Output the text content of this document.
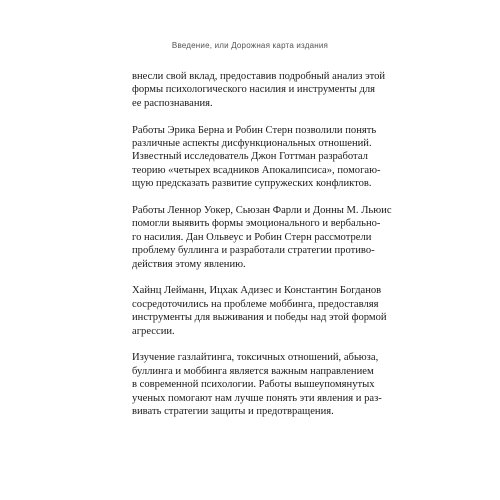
Введение, или Дорожная карта издания

внесли свой вклад, предоставив подробный анализ этой
формы психологического насилия и инструменты для
ее распознавания.

Работы Эрика Берна и Робин Стерн позволили понять
различные аспекты дисфункциональных отношений.
Известный исследователь Джон Готтман разработал
теорию «четырех всадников Апокалипсиса», помогаю-
щую предсказать развитие супружеских конфликтов.

Работы Леннор Уокер, Сьюзан Фарли и Донны М. Льюис
помогли выявить формы эмоционального и вербально-
го насилия. Дан Ольвеус и Робин Стерн рассмотрели
проблему буллинга и разработали стратегии противо-
действия этому явлению.

Хайнц Лейманн, Ицхак Адизес и Константин Богданов
сосредоточились на проблеме моббинга, предоставляя
инструменты для выживания и победы над этой формой
агрессии.

Изучение газлайтинга, токсичных отношений, абьюза,
буллинга и моббинга является важным направлением
в современной психологии. Работы вышеупомянутых
ученых помогают нам лучше понять эти явления и раз-
вивать стратегии защиты и предотвращения.
